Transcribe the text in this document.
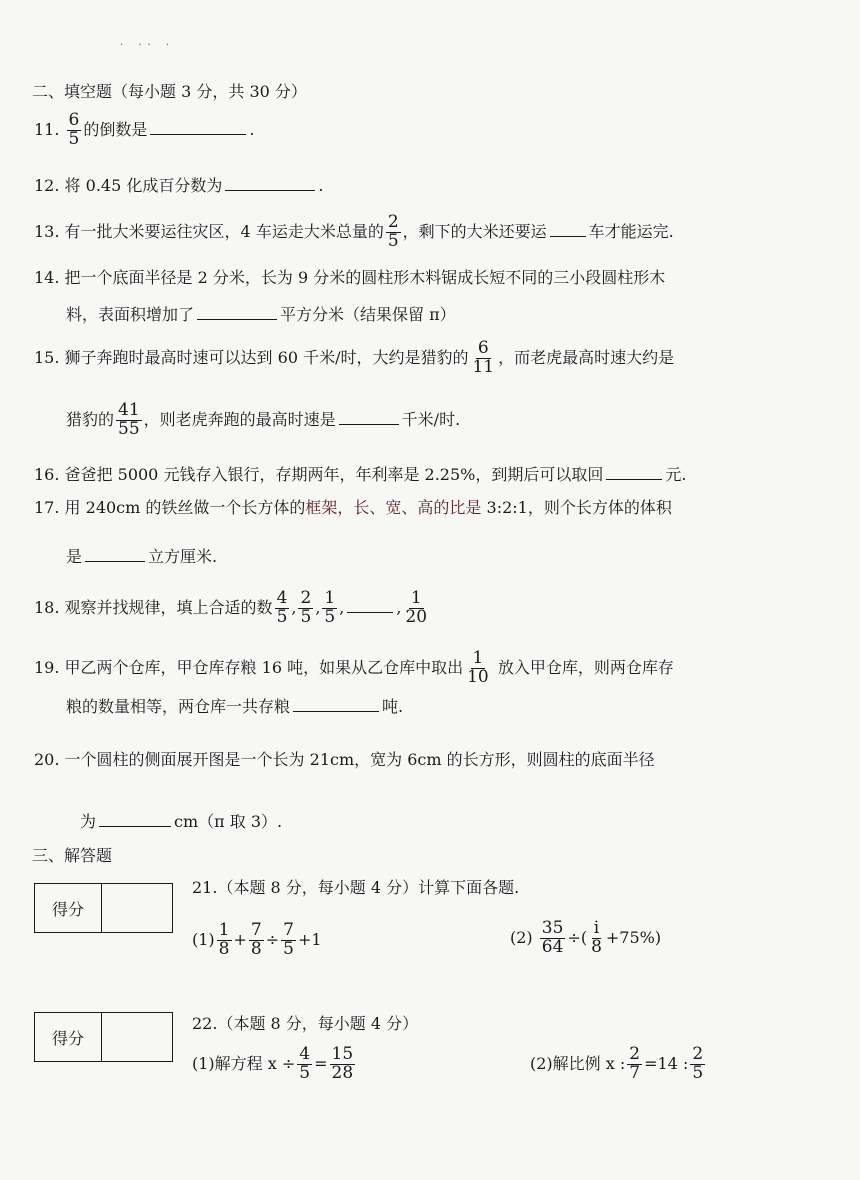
· ·· ·
二、填空题（每小题 3 分，共 30 分）
11. $\frac{6}{5}$ 的倒数是	.
12. 将 0.45 化成百分数为	.
13. 有一批大米要运往灾区，4 车运走大米总量的 $\frac{2}{5}$ ，剩下的大米还要运	车才能运完.
14. 把一个底面半径是 2 分米，长为 9 分米的圆柱形木料锯成长短不同的三小段圆柱形木
料，表面积增加了	平方分米（结果保留 π）
15. 狮子奔跑时最高时速可以达到 60 千米/时，大约是猎豹的 $\frac{6}{11}$ ，而老虎最高时速大约是
猎豹的 $\frac{41}{55}$ ，则老虎奔跑的最高时速是	千米/时.
16. 爸爸把 5000 元钱存入银行，存期两年，年利率是 2.25%，到期后可以取回	元.
17. 用 240cm 的铁丝做一个长方体的框架，长、宽、高的比是 3:2:1，则个长方体的体积
是	立方厘米.
18. 观察并找规律，填上合适的数 $\frac{4}{5}$ , $\frac{2}{5}$ , $\frac{1}{5}$ ,	, $\frac{1}{20}$
19. 甲乙两个仓库，甲仓库存粮 16 吨，如果从乙仓库中取出 $\frac{1}{10}$ 放入甲仓库，则两仓库存
粮的数量相等，两仓库一共存粮	吨.
20. 一个圆柱的侧面展开图是一个长为 21cm，宽为 6cm 的长方形，则圆柱的底面半径
为	cm（π 取 3）.
三、解答题
得分
21.（本题 8 分，每小题 4 分）计算下面各题.
$(1) \frac{1}{8} + \frac{7}{8} \div \frac{7}{5} +1$	$(2) \frac{35}{64}$ ÷( $\frac{i}{8} +75\%$)
得分
22.（本题 8 分，每小题 4 分）
(1)解方程 $x \div \frac{4}{5} = \frac{15}{28}$	(2)解比例 x : $\frac{2}{7} =14$ : $\frac{2}{5}$
